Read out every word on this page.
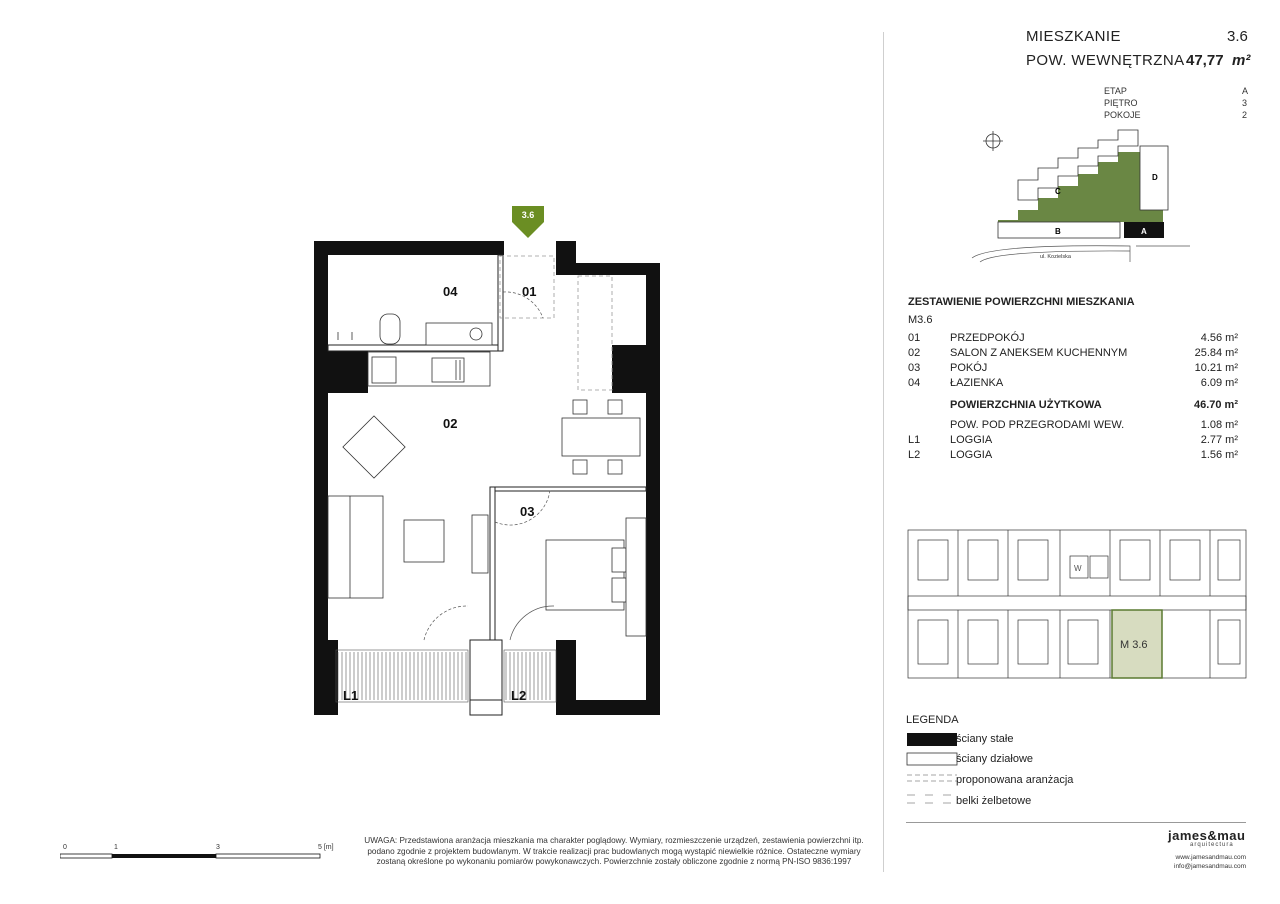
3.6
04	01
02
03
L1	L2
0	1	3	5 [m]
UWAGA: Przedstawiona aranżacja mieszkania ma charakter poglądowy. Wymiary, rozmieszczenie urządzeń, zestawienia powierzchni itp. podano zgodnie z projektem budowlanym. W trakcie realizacji prac budowlanych mogą wystąpić niewielkie różnice. Ostateczne wymiary zostaną określone po wykonaniu pomiarów powykonawczych. Powierzchnie zostały obliczone zgodnie z normą PN-ISO 9836:1997
MIESZKANIE	3.6
POW. WEWNĘTRZNA 47,77 m²
ETAP	A
PIĘTRO	3
POKOJE	2
C
D
B	A
ul. Kozielska
ZESTAWIENIE POWIERZCHNI MIESZKANIA
M3.6
01	PRZEDPOKÓJ	4.56 m²
02	SALON Z ANEKSEM KUCHENNYM	25.84 m²
03	POKÓJ	10.21 m²
04	ŁAZIENKA	6.09 m²
POWIERZCHNIA UŻYTKOWA	46.70 m²
POW. POD PRZEGRODAMI WEW.	1.08 m²
L1	LOGGIA	2.77 m²
L2	LOGGIA	1.56 m²
M 3.6
W
LEGENDA
ściany stałe
ściany działowe
proponowana aranżacja
belki żelbetowe
james&mau
arquitectura
www.jamesandmau.com
info@jamesandmau.com
